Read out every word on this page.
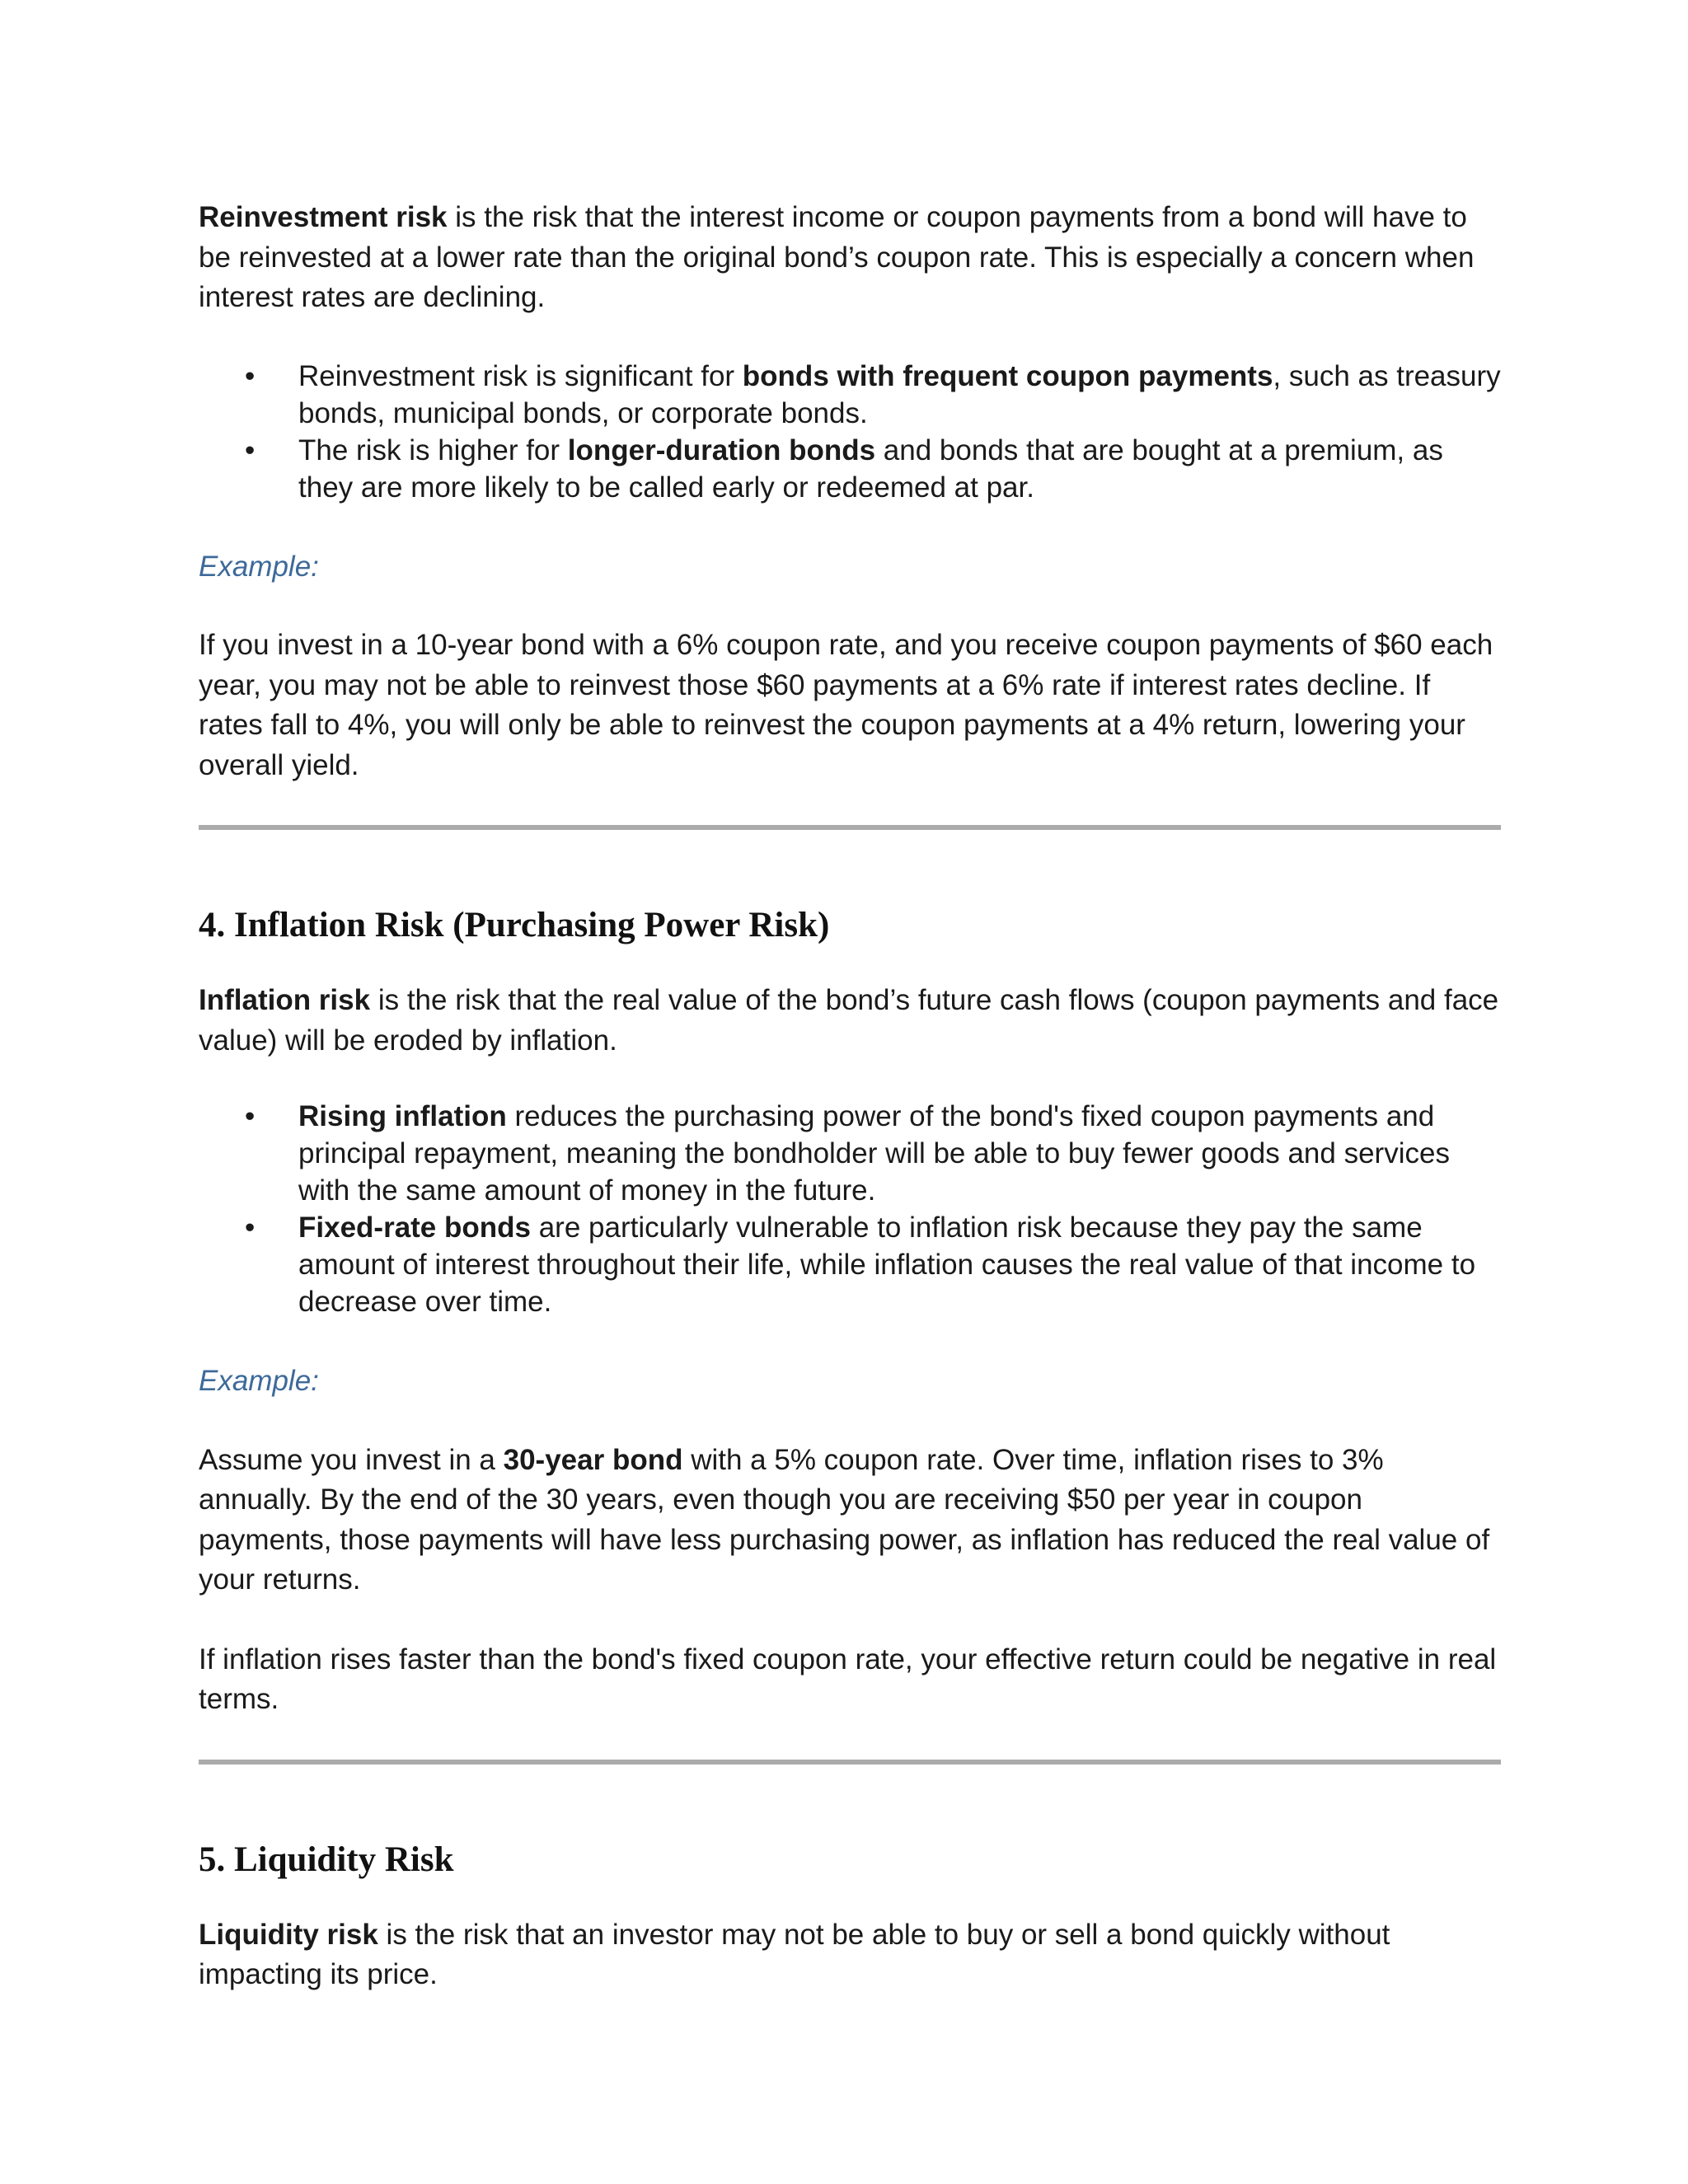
Reinvestment risk is the risk that the interest income or coupon payments from a bond will have to be reinvested at a lower rate than the original bond’s coupon rate. This is especially a concern when interest rates are declining.

• Reinvestment risk is significant for bonds with frequent coupon payments, such as treasury bonds, municipal bonds, or corporate bonds.
• The risk is higher for longer-duration bonds and bonds that are bought at a premium, as they are more likely to be called early or redeemed at par.

Example:

If you invest in a 10-year bond with a 6% coupon rate, and you receive coupon payments of $60 each year, you may not be able to reinvest those $60 payments at a 6% rate if interest rates decline. If rates fall to 4%, you will only be able to reinvest the coupon payments at a 4% return, lowering your overall yield.

4. Inflation Risk (Purchasing Power Risk)

Inflation risk is the risk that the real value of the bond’s future cash flows (coupon payments and face value) will be eroded by inflation.

• Rising inflation reduces the purchasing power of the bond's fixed coupon payments and principal repayment, meaning the bondholder will be able to buy fewer goods and services with the same amount of money in the future.
• Fixed-rate bonds are particularly vulnerable to inflation risk because they pay the same amount of interest throughout their life, while inflation causes the real value of that income to decrease over time.

Example:

Assume you invest in a 30-year bond with a 5% coupon rate. Over time, inflation rises to 3% annually. By the end of the 30 years, even though you are receiving $50 per year in coupon payments, those payments will have less purchasing power, as inflation has reduced the real value of your returns.

If inflation rises faster than the bond's fixed coupon rate, your effective return could be negative in real terms.

5. Liquidity Risk

Liquidity risk is the risk that an investor may not be able to buy or sell a bond quickly without impacting its price.
